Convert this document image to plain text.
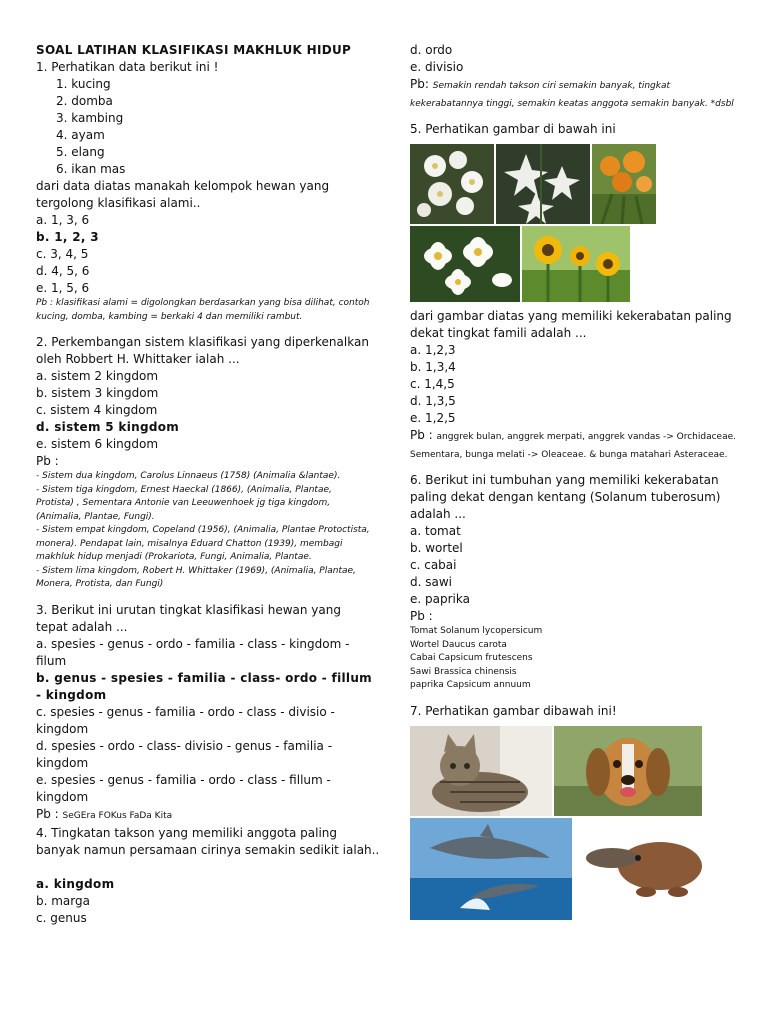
SOAL LATIHAN KLASIFIKASI MAKHLUK HIDUP
1. Perhatikan data berikut ini !
1. kucing
2. domba
3. kambing
4. ayam
5. elang
6. ikan mas
dari data diatas manakah kelompok hewan yang
tergolong klasifikasi alami..
a. 1, 3, 6
b. 1, 2, 3
c. 3, 4, 5
d. 4, 5, 6
e. 1, 5, 6
Pb : klasifikasi alami = digolongkan berdasarkan yang bisa dilihat, contoh kucing, domba, kambing = berkaki 4 dan memiliki rambut.
2. Perkembangan sistem klasifikasi yang diperkenalkan
oleh Robbert H. Whittaker ialah ...
a. sistem 2 kingdom
b. sistem 3 kingdom
c. sistem 4 kingdom
d. sistem 5 kingdom
e. sistem 6 kingdom
Pb :
- Sistem dua kingdom, Carolus Linnaeus (1758) (Animalia &lantae).
- Sistem tiga kingdom, Ernest Haeckal (1866), (Animalia, Plantae, Protista) , Sementara Antonie van Leeuwenhoek jg tiga kingdom, (Animalia, Plantae, Fungi).
- Sistem empat kingdom, Copeland (1956), (Animalia, Plantae Protoctista, monera). Pendapat lain, misalnya Eduard Chatton (1939), membagi makhluk hidup menjadi (Prokariota, Fungi, Animalia, Plantae.
- Sistem lima kingdom, Robert H. Whittaker (1969), (Animalia, Plantae, Monera, Protista, dan Fungi)
3. Berikut ini urutan tingkat klasifikasi hewan yang
tepat adalah ...
a. spesies - genus - ordo - familia - class - kingdom -
filum
b. genus - spesies - familia - class- ordo - fillum
- kingdom
c. spesies - genus - familia - ordo - class - divisio -
kingdom
d. spesies - ordo - class- divisio - genus - familia -
kingdom
e. spesies - genus - familia - ordo - class - fillum -
kingdom
Pb : SeGEra FOKus FaDa Kita
4. Tingkatan takson yang memiliki anggota paling
banyak namun persamaan cirinya semakin sedikit ialah..

a. kingdom
b. marga
c. genus
d. ordo
e. divisio
Pb: Semakin rendah takson ciri semakin banyak, tingkat kekerabatannya tinggi, semakin keatas anggota semakin banyak. *dsbl
5. Perhatikan gambar di bawah ini
dari gambar diatas yang memiliki kekerabatan paling
dekat tingkat famili adalah ...
a. 1,2,3
b. 1,3,4
c. 1,4,5
d. 1,3,5
e. 1,2,5
Pb : anggrek bulan, anggrek merpati, anggrek vandas -> Orchidaceae. Sementara, bunga melati -> Oleaceae. & bunga matahari Asteraceae.
6. Berikut ini tumbuhan yang memiliki kekerabatan
paling dekat dengan kentang (Solanum tuberosum)
adalah ...
a. tomat
b. wortel
c. cabai
d. sawi
e. paprika
Pb :
Tomat Solanum lycopersicum
Wortel Daucus carota
Cabai Capsicum frutescens
Sawi Brassica chinensis
paprika Capsicum annuum
7. Perhatikan gambar dibawah ini!
